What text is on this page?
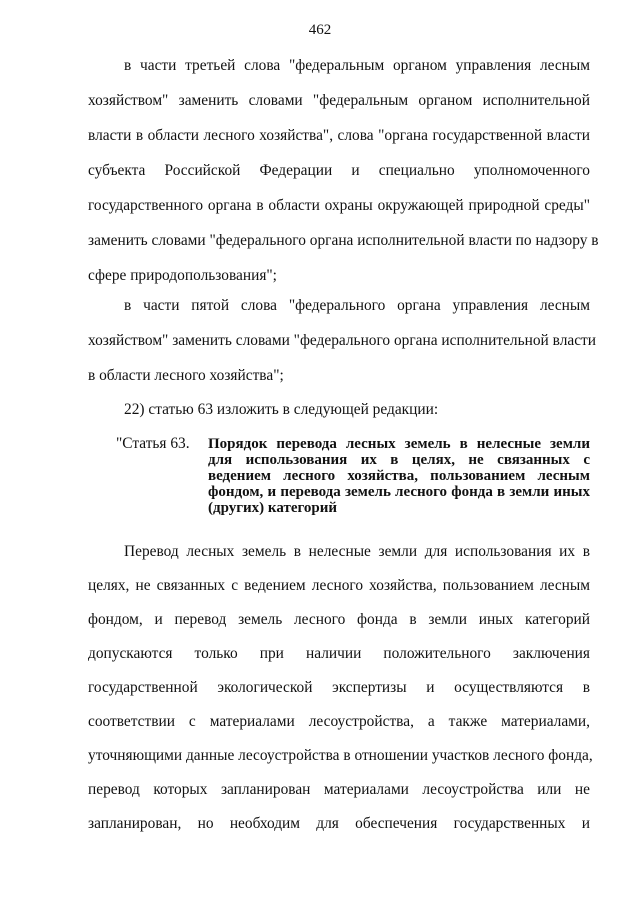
462

в части третьей слова "федеральным органом управления лесным

хозяйством" заменить словами "федеральным органом исполнительной

власти в области лесного хозяйства", слова "органа государственной власти

субъекта Российской Федерации и специально уполномоченного

государственного органа в области охраны окружающей природной среды"

заменить словами "федерального органа исполнительной власти по надзору в

сфере природопользования";

в части пятой слова "федерального органа управления лесным

хозяйством" заменить словами "федерального органа исполнительной власти

в области лесного хозяйства";

22) статью 63 изложить в следующей редакции:

"Статья 63. Порядок перевода лесных земель в нелесные земли

для использования их в целях, не связанных с

ведением лесного хозяйства, пользованием лесным

фондом, и перевода земель лесного фонда в земли иных

(других) категорий

Перевод лесных земель в нелесные земли для использования их в

целях, не связанных с ведением лесного хозяйства, пользованием лесным

фондом, и перевод земель лесного фонда в земли иных категорий

допускаются только при наличии положительного заключения

государственной экологической экспертизы и осуществляются в

соответствии с материалами лесоустройства, а также материалами,

уточняющими данные лесоустройства в отношении участков лесного фонда,

перевод которых запланирован материалами лесоустройства или не

запланирован, но необходим для обеспечения государственных и
